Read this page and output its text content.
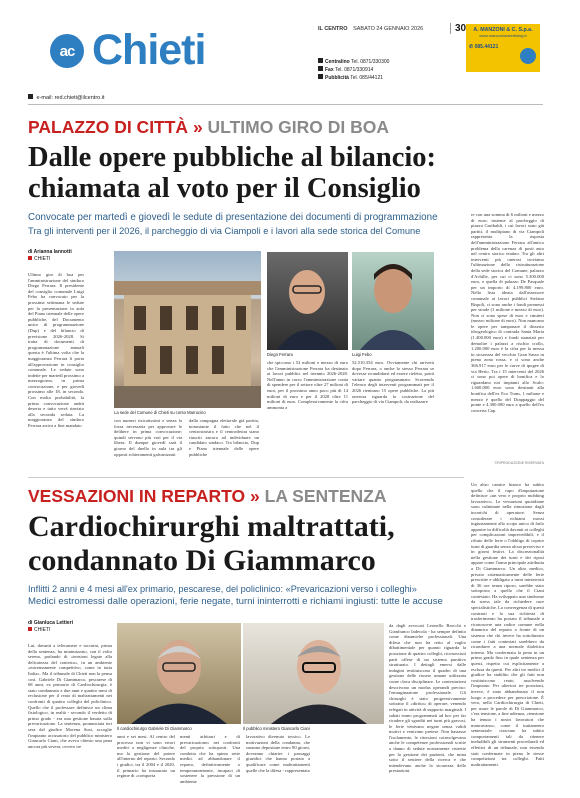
ac Chieti	IL CENTRO SABATO 24 GENNAIO 2026	30
Centralino Tel. 0871/330300
Fax Tel. 0871/330914
Pubblicità Tel. 085/44121
A. MANZONI & C. S.p.a.
www.manzoniadvertising.it
✆ 085.44121
e-mail: red.chieti@ilcentro.it
PALAZZO DI CITTÀ » ULTIMO GIRO DI BOA
Dalle opere pubbliche al bilancio:
chiamata al voto per il Consiglio
Convocate per martedì e giovedì le sedute di presentazione dei documenti di programmazione
Tra gli interventi per il 2026, il parcheggio di via Ciampoli e i lavori alla sede storica del Comune
di Arianna Iannotti
CHIETI
Ultimo giro di boa per l'amministrazione del sindaco Diego Ferrara. Il presidente del consiglio comunale Luigi Febo ha convocato per la prossima settimana le sedute per la presentazione in aula del Piano triennale delle opere pubbliche, del Documento unico di programmazione (Dup) e del bilancio di previsione 2026-2028. Si tratta di documenti di programmazione annuali questa è l'ultima volta che la maggioranza Ferrara li porta all'approvazione in consiglio comunale. Le sedute sono indette per martedì prossimo a mezzogiorno, in prima convocazione, e per giovedì prossimo alle 18, in seconda. Con molta probabilità, la prima convocazione andrà deserta e tutto verrà rinviato alla seconda seduta. La maggioranza del sindaco Ferrara arriva a fine mandato
La sede del Comune di Chieti su corso Marrucino
con numeri risicatissimi e senza la forza necessaria per approvare le delibere in prima convocazione; quindi servono più voti per il via libera. Il dunque giovedì sarà il giorno del duello in aula tra gli opposti schieramenti galvanizzati
dalla campagna elettorale già partita, nonostante il fatto che nel il centrosinistra e il centrodestra siano riusciti ancora ad individuare un candidato sindaco. Tra bilancio, Dup e Piano triennale delle opere pubbliche
Diego Ferrara	Luigi Febo
che spiccano i 52 milioni e mezzo di euro che l'amministrazione Ferrara ha destinato ai lavori pubblici nel triennio 2026-2028. Nell'anno in corso l'amministrazione conta di spendere per il settore oltre 27 milioni di euro, per il prossimo anno poco più di 14 milioni di euro e per il 2028 oltre 11 milioni di euro. Complessivamente la cifra ammonta a
52.510.354 euro. Ovviamente chi arriverà dopo Ferrara, o anche lo stesso Ferrara se dovesse ricandidarsi ed essere rieletto, potrà variare quanto programmato. Scorrendo l'elenco degli interventi programmati per il 2026 rientrano 15 opere pubbliche. La più onerosa riguarda la costruzione del parcheggio di via Ciampoli, da realizzare
re con una somma di 6 milioni e mezzo di euro; insieme al parcheggio di piazza Garibaldi, i cui lavori sono già partiti, il multipiano di via Ciampoli rappresenta la risposta dell'amministrazione Ferrara all'antico problema della carenza di posti auto nel centro storico teatino. Tra gli altri interventi più onerosi troviamo l'ultimazione della ristrutturazione della sede storica del Comune, palazzo d'Achille, per cui ci sono 5.300.000 euro, e quella di palazzo De Pasquale per un importo di 4.199.800 euro. Nella lista ideata dall'assessore comunale ai lavori pubblici Stefano Rispoli, ci sono anche i fondi promessi per strade (1 milione e mezzo di euro). Non ci sono spese di euro e cimiteri (mezzo milione di euro). Non mancano le opere per tamponare il dissesto idrogeologico di contrada Santa Maria (1.400.000 euro) e fondi stanziati per demolire i palazzi a rischio crollo, 1.200.000 euro è la cifra per la messa in sicurezza del vecchio Gran Sasso in piena zona rossa, e ci sono anche 366.917 euro per le curve di ipogee di via Herio. Tra i 15 interventi del 2026 ci sono poi opere di bonifica e lo riguardano noi impianti allo Scalo: 1.600.000 euro sono destinati alla bonifica dell'ex Eco Trans, 1 milione e mezzo è quello del Drappaggio del ponte e 4.300.000 euro a quello dell'ex conceria Cap.
©RIPRODUZIONE RISERVATA
VESSAZIONI IN REPARTO » LA SENTENZA
Cardiochirurghi maltrattati,
condannato Di Giammarco
Inflitti 2 anni e 4 mesi all'ex primario, pescarese, del policlinico: «Prevaricazioni verso i colleghi»
Medici estromessi dalle operazioni, ferie negate, turni ininterrotti e richiami ingiusti: tutte le accuse
di Gianluca Lettieri
CHIETI
Lui, davanti a telecamere e taccuini, prima della sentenza, ha minimizzato, con il volto sereno, parlando di «tensioni legate alla delicatezza del contesto», in un ambiente «estremamente competitivo, come in tutta Italia». Ma il tribunale di Chieti non la pensa così. Gabriele Di Giammarco, pescarese di 68 anni, ex primario di Cardiochirurgia, è stato condannato a due anni e quattro mesi di reclusione per il reato di maltrattamenti nei confronti di quattro colleghi del policlinico. Quello che il professore definisce un clima fisiologico, in realtà - secondo il verdetto di primo grado - era una gestione basata sulla prevaricazione. La sentenza, pronunciata ieri sera dal giudice Morena Susi, accoglie l'impianto accusatorio del pubblico ministero Giancarlo Ciani, che aveva chiesto una pena ancora più severa, ovvero tre
Il cardiochirurgo Gabriele Di Giammarco	Il pubblico ministero Giancarlo Ciani
anni e sei mesi. Al centro del processo non vi sono errori medici o negligenze cliniche, ma la gestione del potere all'interno del reparto. Secondo i giudici, tra il 2004 e il 2020, il primario ha instaurato un regime di «comporta
menti arbitrari e di prevaricazione» nei confronti del proprio sottoposti. Una condotta che ha spinto sette medici ad abbandonare il reparto, definitivamente o temporaneamente, incapaci di sostenere la pressione di un ambiente
lavorativo divenuto tossico. Le motivazioni della condanna, che saranno depositate entro 90 giorni, dovranno chiarire i passaggi giuridici che hanno portato a qualificare come maltrattamenti quelle che la difesa - rappresentata
da dagli avvocati Leonello Brocchi e Gianfranco Iadecola - ha sempre definito come dinamiche professionali. Una difesa che non ha retto al vaglio dibattimentale per quanto riguarda la posizione di quattro colleghi, riconosciuti parti offese di un sistema punitivo strutturato. I dettagli emersi dalle indagini restituiscono il quadro di una gestione delle risorse umane utilizzata come clava disciplinare. Le contestazioni descrivono un modus operandi preciso: l'emarginazione professionale. Gli chirurghi è stato progressivamente sottratto il «diritto» di operare, venendo relegati in attività di supporto marginali. I sabati erano programmati ad hoc per far ricadere gli sgraditi nei turni più gravosi, le ferie venivano negate senza validi motivi e venivano pretese. Non bastasse l'isolamento, le ritorsioni coinvolgevano anche le competenze professionali scritte a danno di sedute nostramente ristrette per la gestione dei pazienti, che mina sotto il sestiere della ricerca e che intendevano anche la sicurezza delle prestazioni.
Un altro camice bianco ha subito quello che il capo d'imputazione definisce «un vero e proprio mobbing lavorativo». Le vessazioni quotidiane sono culminate nella rimozione dagli incarichi di operatore. Senza considerare i richiami mossi ingiustamente allo scopo unico di farlo apparire in difficoltà davanti ai colleghi per complicazioni imprevedibili, e il rifiuto delle ferie o l'obbligo di coprire turni di guardia senza alcun preavviso e in giorni festivi. La discrezionalità nella gestione dei turni e dei riposi appare come l'arma principale attribuita a Di Giammarco. Un altro medico, privato sistematicamente delle ferie prescritte e obbligato a turni ininterrotti di 36 ore senza riposo, sarebbe stato sottoposto a quello che il Ciani contestato. Ha sviluppato una sindrome da stress tale da richiedere cure specialistiche. La convergenza di questi contrasti e la sua richiesta di trasferimento ha portato il tribunale a riconoscere una radice comune nella dinamica del reparto a fronte di un sistema che chi invece ha sottolineato come i fatti contestati sarebbero da ricondurre a una normale dialettica interna. Ma confermata la pena in un primo grado fino in quale sentenza per questi, rispetto cui esplicitamente a esclusa da questi. Per altri tre medici il giudice ha stabilito che gli fatti non costituiscono reato, assolvendo l'imputato. Per ulteriori tre posizioni, invece, è stato abbandonato il non luogo a procedere per prescrizione. È vero, nella Cardiochirurgia di Chieti, per usare le parole di Di Giammarco, c'era tensione, a fine udienza, «tensione ha tenuto i nostri lavoratori che mancavano»; come il trattamento sentenziale: ciascuno ha subito comportamenti tali da ritenere ineludibili gli strumenti procedurali ed effettivi di un tribunale, non essendo stati confermate in pieno le stesse competizioni tra colleghi. Fatti maltrattamenti.
